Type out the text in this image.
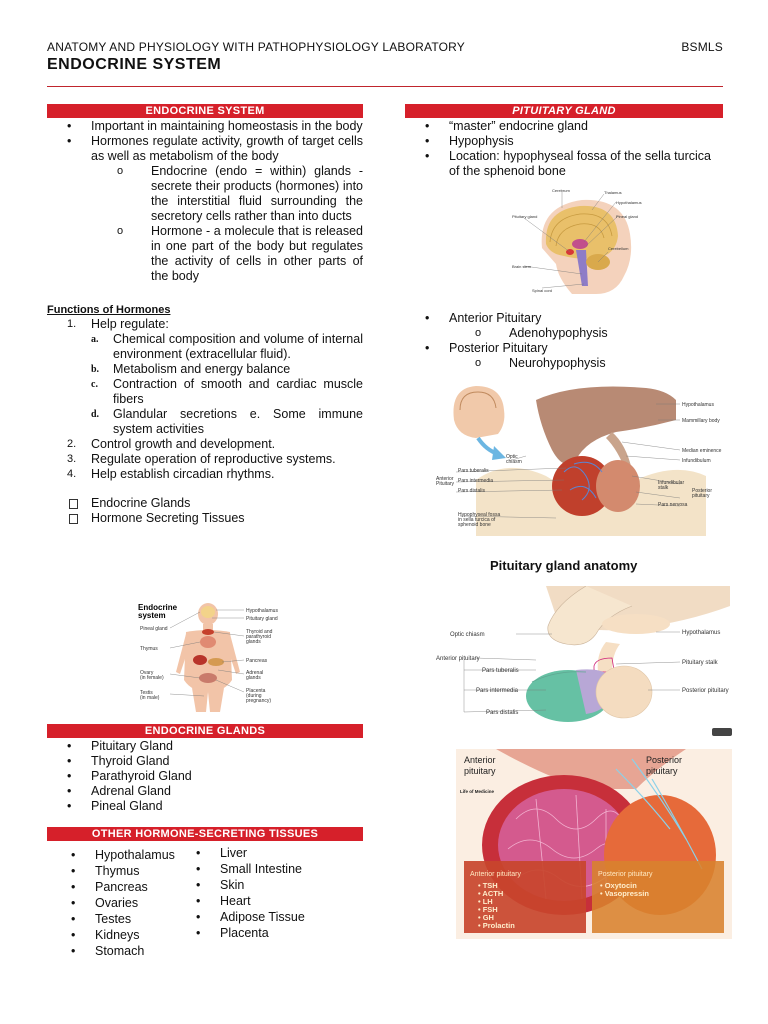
ANATOMY AND PHYSIOLOGY WITH PATHOPHYSIOLOGY LABORATORY	BSMLS
ENDOCRINE SYSTEM
ENDOCRINE SYSTEM
• Important in maintaining homeostasis in the body
• Hormones regulate activity, growth of target cells as well as metabolism of the body
o Endocrine (endo = within) glands - secrete their products (hormones) into the interstitial fluid surrounding the secretory cells rather than into ducts
o Hormone - a molecule that is released in one part of the body but regulates the activity of cells in other parts of the body
Functions of Hormones
1. Help regulate:
a. Chemical composition and volume of internal environment (extracellular fluid).
b. Metabolism and energy balance
c. Contraction of smooth and cardiac muscle fibers
d. Glandular secretions e. Some immune system activities
2. Control growth and development.
3. Regulate operation of reproductive systems.
4. Help establish circadian rhythms.
Endocrine Glands
Hormone Secreting Tissues
Endocrine
system	Hypothalamus
Pituitary gland
Thyroid and
parathyroid
glands
Pancreas
Adrenal
glands
Placenta
(during
pregnancy)
Pineal gland
Thymus
Ovary
(in female)
Testis
(in male)
ENDOCRINE GLANDS
• Pituitary Gland
• Thyroid Gland
• Parathyroid Gland
• Adrenal Gland
• Pineal Gland
OTHER HORMONE-SECRETING TISSUES
• Hypothalamus
• Thymus
• Pancreas
• Ovaries
• Testes
• Kidneys
• Stomach
• Liver
• Small Intestine
• Skin
• Heart
• Adipose Tissue
• Placenta
PITUITARY GLAND
• “master” endocrine gland
• Hypophysis
• Location: hypophyseal fossa of the sella turcica of the sphenoid bone
Cerebrum	Thalamus
Hypothalamus
Pineal gland
Pituitary gland
Brain stem
Cerebellum
Spinal cord
• Anterior Pituitary
o Adenohypophysis
• Posterior Pituitary
o Neurohypophysis
Optic
chiasm
Pars tuberalis
Anterior
Pituitary Pars intermedia
Pars distalis
Hypophyseal fossa
in sella turcica of
sphenoid bone
Hypothalamus
Mammillary body
Median eminence
Infundibulum
Infundibular
stalk	Posterior
pituitary
Pars nervosa
Pituitary gland anatomy
Optic chiasm
Anterior pituitary
Pars tuberalis
Pars intermedia
Pars distalis
Hypothalamus
Pituitary stalk
Posterior pituitary
Anterior
pituitary
Posterior
pituitary
Life of Medicine
Anterior pituitary	Posterior pituitary
• TSH
• ACTH
• LH
• FSH
• GH
• Prolactin
• Oxytocin
• Vasopressin
